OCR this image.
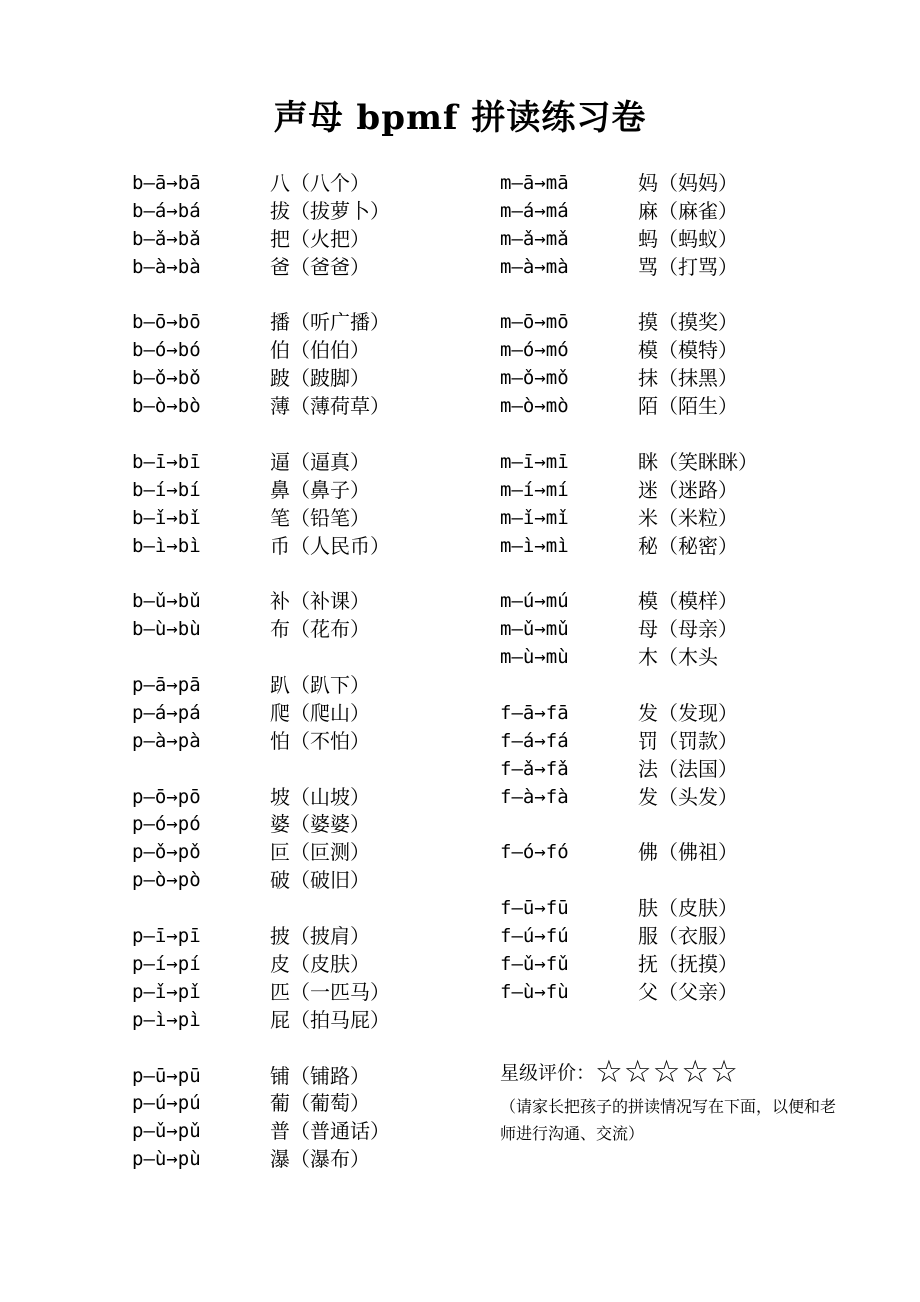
声母 bpmf 拼读练习卷
b—ā→bā	八（八个）
b—á→bá	拔（拔萝卜）
b—ǎ→bǎ	把（火把）
b—à→bà	爸（爸爸）
b—ō→bō	播（听广播）
b—ó→bó	伯（伯伯）
b—ǒ→bǒ	跛（跛脚）
b—ò→bò	薄（薄荷草）
b—ī→bī	逼（逼真）
b—í→bí	鼻（鼻子）
b—ǐ→bǐ	笔（铅笔）
b—ì→bì	币（人民币）
b—ǔ→bǔ	补（补课）
b—ù→bù	布（花布）
p—ā→pā	趴（趴下）
p—á→pá	爬（爬山）
p—à→pà	怕（不怕）
p—ō→pō	坡（山坡）
p—ó→pó	婆（婆婆）
p—ǒ→pǒ	叵（叵测）
p—ò→pò	破（破旧）
p—ī→pī	披（披肩）
p—í→pí	皮（皮肤）
p—ǐ→pǐ	匹（一匹马）
p—ì→pì	屁（拍马屁）
p—ū→pū	铺（铺路）
p—ú→pú	葡（葡萄）
p—ǔ→pǔ	普（普通话）
p—ù→pù	瀑（瀑布）
m—ā→mā	妈（妈妈）
m—á→má	麻（麻雀）
m—ǎ→mǎ	蚂（蚂蚁）
m—à→mà	骂（打骂）
m—ō→mō	摸（摸奖）
m—ó→mó	模（模特）
m—ǒ→mǒ	抹（抹黑）
m—ò→mò	陌（陌生）
m—ī→mī	眯（笑眯眯）
m—í→mí	迷（迷路）
m—ǐ→mǐ	米（米粒）
m—ì→mì	秘（秘密）
m—ú→mú	模（模样）
m—ǔ→mǔ	母（母亲）
m—ù→mù	木（木头
f—ā→fā	发（发现）
f—á→fá	罚（罚款）
f—ǎ→fǎ	法（法国）
f—à→fà	发（头发）
f—ó→fó	佛（佛祖）
f—ū→fū	肤（皮肤）
f—ú→fú	服（衣服）
f—ǔ→fǔ	抚（抚摸）
f—ù→fù	父（父亲）
星级评价：☆☆☆☆☆
（请家长把孩子的拼读情况写在下面，以便和老师进行沟通、交流）
